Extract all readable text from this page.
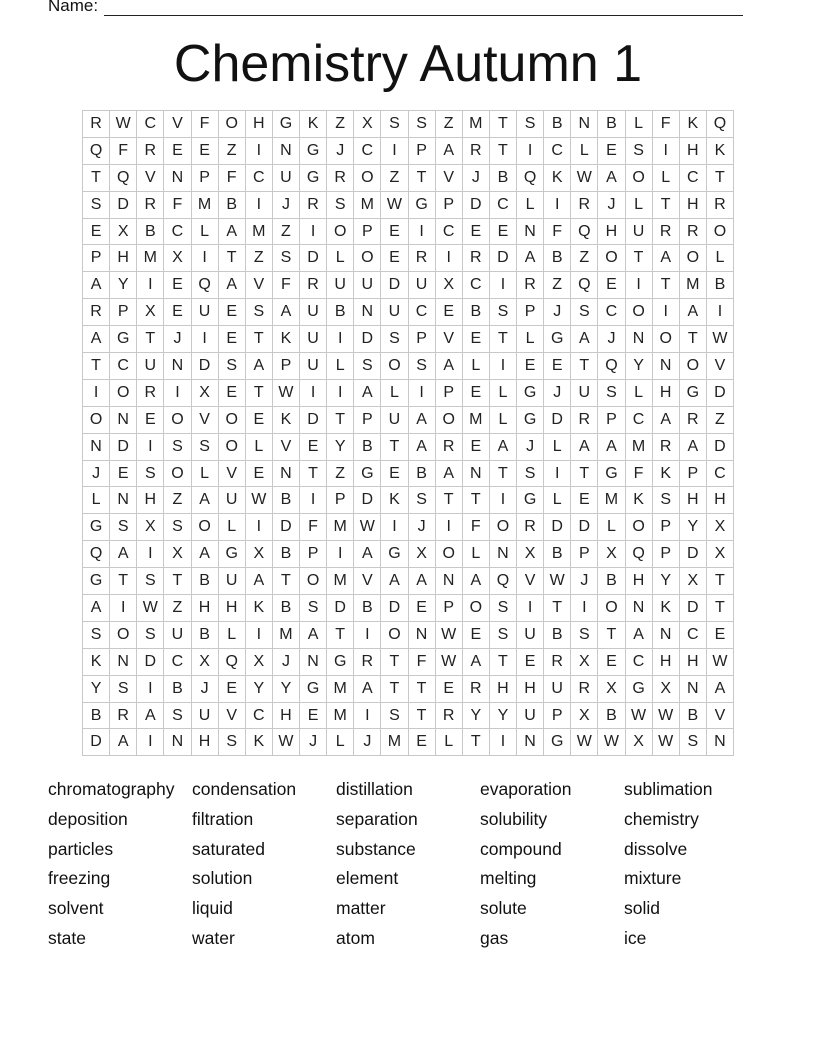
Name:
Chemistry Autumn 1
R	W	C	V	F	O	H	G	K	Z	X	S	S	Z	M	T	S	B	N	B	L	F	K	Q
Q	F	R	E	E	Z	I	N	G	J	C	I	P	A	R	T	I	C	L	E	S	I	H	K
T	Q	V	N	P	F	C	U	G	R	O	Z	T	V	J	B	Q	K	W	A	O	L	C	T
S	D	R	F	M	B	I	J	R	S	M	W	G	P	D	C	L	I	R	J	L	T	H	R
E	X	B	C	L	A	M	Z	I	O	P	E	I	C	E	E	N	F	Q	H	U	R	R	O
P	H	M	X	I	T	Z	S	D	L	O	E	R	I	R	D	A	B	Z	O	T	A	O	L
A	Y	I	E	Q	A	V	F	R	U	U	D	U	X	C	I	R	Z	Q	E	I	T	M	B
R	P	X	E	U	E	S	A	U	B	N	U	C	E	B	S	P	J	S	C	O	I	A	I
A	G	T	J	I	E	T	K	U	I	D	S	P	V	E	T	L	G	A	J	N	O	T	W
T	C	U	N	D	S	A	P	U	L	S	O	S	A	L	I	E	E	T	Q	Y	N	O	V
I	O	R	I	X	E	T	W	I	I	A	L	I	P	E	L	G	J	U	S	L	H	G	D
O	N	E	O	V	O	E	K	D	T	P	U	A	O	M	L	G	D	R	P	C	A	R	Z
N	D	I	S	S	O	L	V	E	Y	B	T	A	R	E	A	J	L	A	A	M	R	A	D
J	E	S	O	L	V	E	N	T	Z	G	E	B	A	N	T	S	I	T	G	F	K	P	C
L	N	H	Z	A	U	W	B	I	P	D	K	S	T	T	I	G	L	E	M	K	S	H	H
G	S	X	S	O	L	I	D	F	M	W	I	J	I	F	O	R	D	D	L	O	P	Y	X
Q	A	I	X	A	G	X	B	P	I	A	G	X	O	L	N	X	B	P	X	Q	P	D	X
G	T	S	T	B	U	A	T	O	M	V	A	A	N	A	Q	V	W	J	B	H	Y	X	T
A	I	W	Z	H	H	K	B	S	D	B	D	E	P	O	S	I	T	I	O	N	K	D	T
S	O	S	U	B	L	I	M	A	T	I	O	N	W	E	S	U	B	S	T	A	N	C	E
K	N	D	C	X	Q	X	J	N	G	R	T	F	W	A	T	E	R	X	E	C	H	H	W
Y	S	I	B	J	E	Y	Y	G	M	A	T	T	E	R	H	H	U	R	X	G	X	N	A
B	R	A	S	U	V	C	H	E	M	I	S	T	R	Y	Y	U	P	X	B	W	W	B	V
D	A	I	N	H	S	K	W	J	L	J	M	E	L	T	I	N	G	W	W	X	W	S	N
chromatography	condensation	distillation	evaporation	sublimation
deposition	filtration	separation	solubility	chemistry
particles	saturated	substance	compound	dissolve
freezing	solution	element	melting	mixture
solvent	liquid	matter	solute	solid
state	water	atom	gas	ice
